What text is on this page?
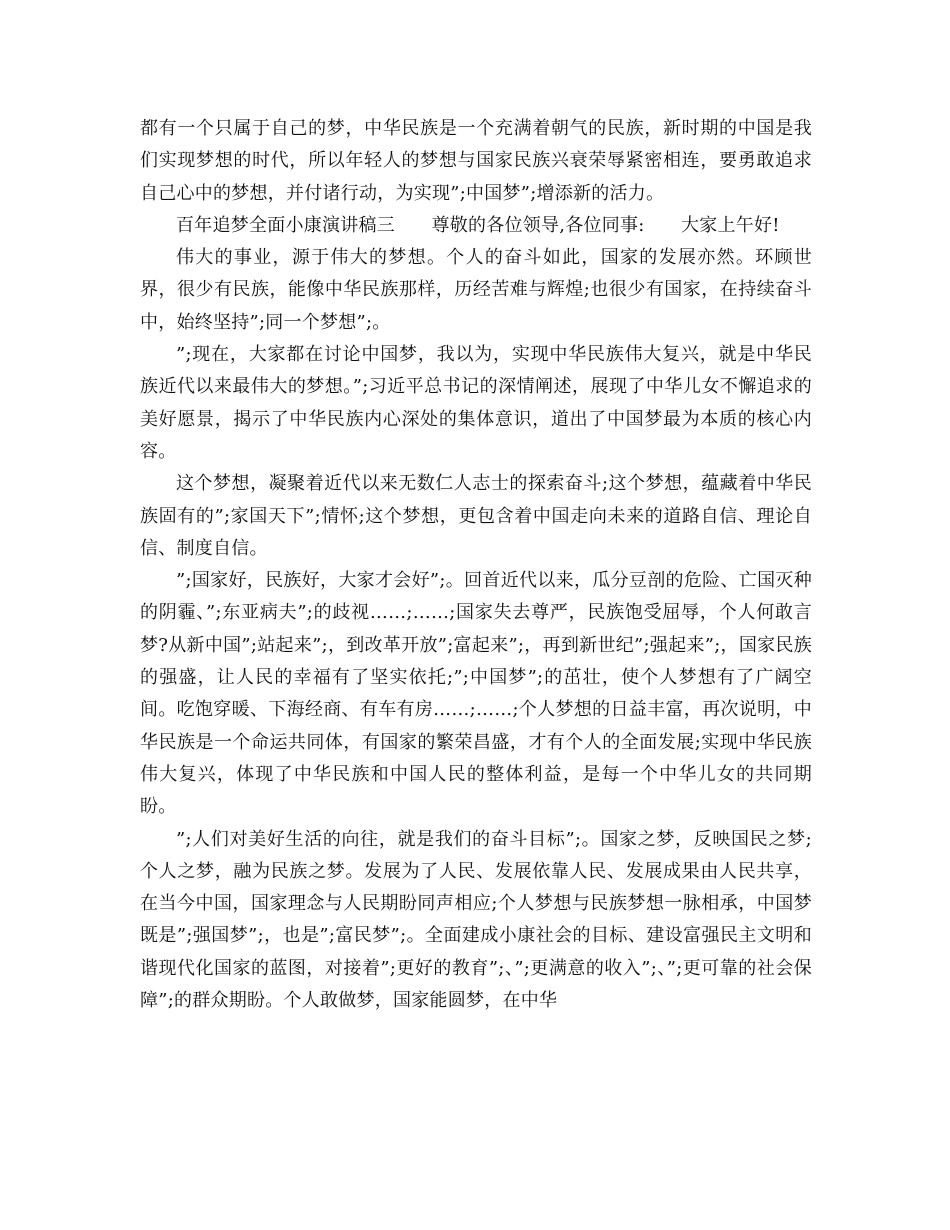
都有一个只属于自己的梦，中华民族是一个充满着朝气的民族，新时期的中国是我们实现梦想的时代，所以年轻人的梦想与国家民族兴衰荣辱紧密相连，要勇敢追求自己心中的梦想，并付诸行动，为实现”;中国梦”;增添新的活力。

百年追梦全面小康演讲稿三　　尊敬的各位领导,各位同事:　　大家上午好!

伟大的事业，源于伟大的梦想。个人的奋斗如此，国家的发展亦然。环顾世界，很少有民族，能像中华民族那样，历经苦难与辉煌;也很少有国家，在持续奋斗中，始终坚持”;同一个梦想”;。

”;现在，大家都在讨论中国梦，我以为，实现中华民族伟大复兴，就是中华民族近代以来最伟大的梦想。”;习近平总书记的深情阐述，展现了中华儿女不懈追求的美好愿景，揭示了中华民族内心深处的集体意识，道出了中国梦最为本质的核心内容。

这个梦想，凝聚着近代以来无数仁人志士的探索奋斗;这个梦想，蕴藏着中华民族固有的”;家国天下”;情怀;这个梦想，更包含着中国走向未来的道路自信、理论自信、制度自信。

”;国家好，民族好，大家才会好”;。回首近代以来，瓜分豆剖的危险、亡国灭种的阴霾、”;东亚病夫”;的歧视……;……;国家失去尊严，民族饱受屈辱，个人何敢言梦?从新中国”;站起来”;，到改革开放”;富起来”;，再到新世纪”;强起来”;，国家民族的强盛，让人民的幸福有了坚实依托;”;中国梦”;的茁壮，使个人梦想有了广阔空间。吃饱穿暖、下海经商、有车有房……;……;个人梦想的日益丰富，再次说明，中华民族是一个命运共同体，有国家的繁荣昌盛，才有个人的全面发展;实现中华民族伟大复兴，体现了中华民族和中国人民的整体利益，是每一个中华儿女的共同期盼。

”;人们对美好生活的向往，就是我们的奋斗目标”;。国家之梦，反映国民之梦;个人之梦，融为民族之梦。发展为了人民、发展依靠人民、发展成果由人民共享，在当今中国，国家理念与人民期盼同声相应;个人梦想与民族梦想一脉相承，中国梦既是”;强国梦”;，也是”;富民梦”;。全面建成小康社会的目标、建设富强民主文明和谐现代化国家的蓝图，对接着”;更好的教育”;、”;更满意的收入”;、”;更可靠的社会保障”;的群众期盼。个人敢做梦，国家能圆梦，在中华
